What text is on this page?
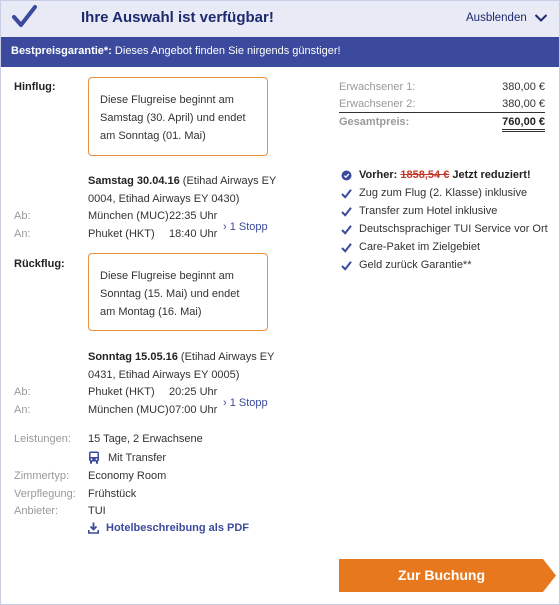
Ihre Auswahl ist verfügbar!	Ausblenden
Bestpreisgarantie*: Dieses Angebot finden Sie nirgends günstiger!
Hinflug:
Diese Flugreise beginnt am Samstag (30. April) und endet am Sonntag (01. Mai)
Samstag 30.04.16 (Etihad Airways EY 0004, Etihad Airways EY 0430)
Ab:	München (MUC) 22:35 Uhr
An:	Phuket (HKT) 18:40 Uhr
› 1 Stopp
Rückflug:
Diese Flugreise beginnt am Sonntag (15. Mai) und endet am Montag (16. Mai)
Sonntag 15.05.16 (Etihad Airways EY 0431, Etihad Airways EY 0005)
Ab:	Phuket (HKT) 20:25 Uhr
An:	München (MUC) 07:00 Uhr
› 1 Stopp
Leistungen: 15 Tage, 2 Erwachsene
Mit Transfer
Zimmertyp: Economy Room
Verpflegung: Frühstück
Anbieter:	TUI
Hotelbeschreibung als PDF
Erwachsener 1:	380,00 €
Erwachsener 2:	380,00 €
Gesamtpreis:	760,00 €
Vorher: 1858,54 € Jetzt reduziert!
Zug zum Flug (2. Klasse) inklusive
Transfer zum Hotel inklusive
Deutschsprachiger TUI Service vor Ort
Care-Paket im Zielgebiet
Geld zurück Garantie**
Zur Buchung
